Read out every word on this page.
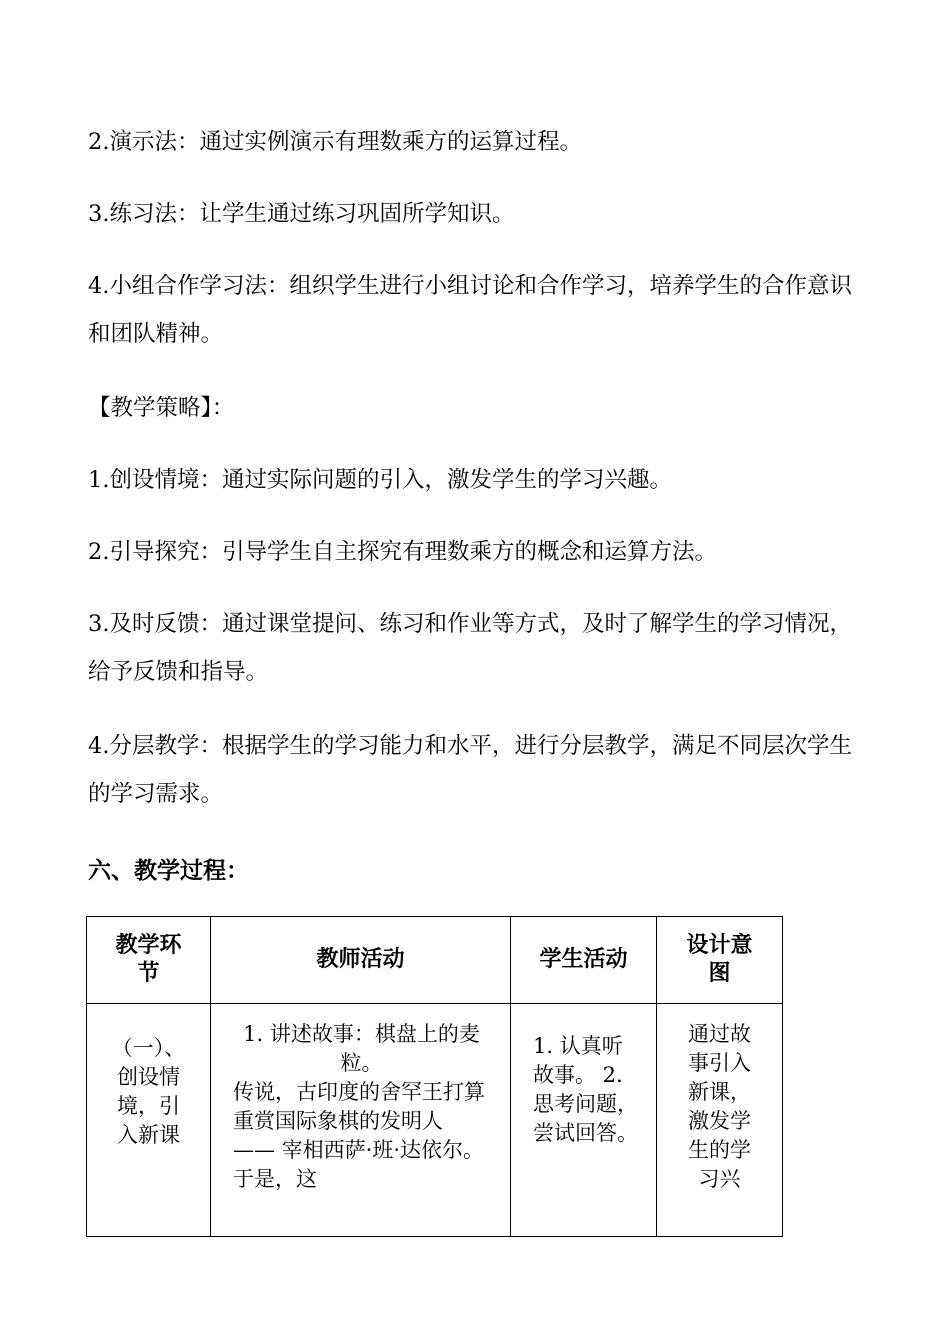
2.演示法：通过实例演示有理数乘方的运算过程。

3.练习法：让学生通过练习巩固所学知识。

4.小组合作学习法：组织学生进行小组讨论和合作学习，培养学生的合作意识和团队精神。

【教学策略】：

1.创设情境：通过实际问题的引入，激发学生的学习兴趣。

2.引导探究：引导学生自主探究有理数乘方的概念和运算方法。

3.及时反馈：通过课堂提问、练习和作业等方式，及时了解学生的学习情况，给予反馈和指导。

4.分层教学：根据学生的学习能力和水平，进行分层教学，满足不同层次学生的学习需求。

六、教学过程：

教学环节	教师活动	学生活动	设计意图
（一）、创设情境，引入新课	1. 讲述故事：棋盘上的麦粒。
传说，古印度的舍罕王打算重赏国际象棋的发明人 —— 宰相西萨·班·达依尔。于是，这	1. 认真听故事。 2. 思考问题，尝试回答。	通过故事引入新课，激发学生的学习兴
